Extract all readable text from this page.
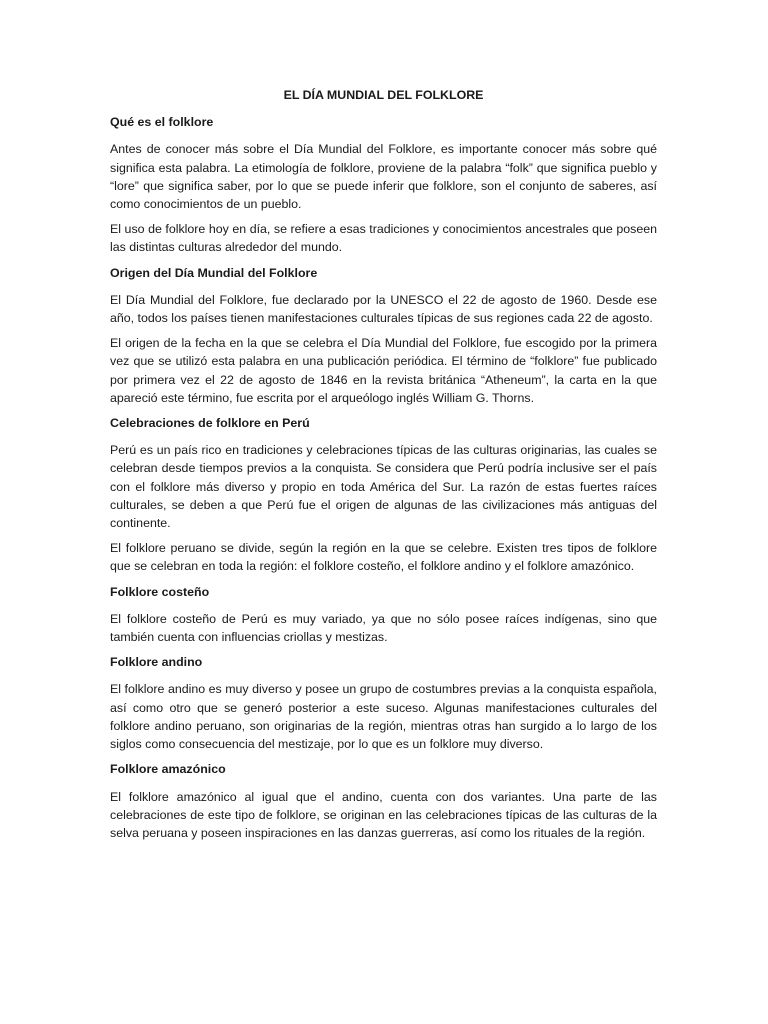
EL DÍA MUNDIAL DEL FOLKLORE
Qué es el folklore

Antes de conocer más sobre el Día Mundial del Folklore, es importante conocer más sobre qué significa esta palabra. La etimología de folklore, proviene de la palabra “folk” que significa pueblo y “lore” que significa saber, por lo que se puede inferir que folklore, son el conjunto de saberes, así como conocimientos de un pueblo.

El uso de folklore hoy en día, se refiere a esas tradiciones y conocimientos ancestrales que poseen las distintas culturas alrededor del mundo.

Origen del Día Mundial del Folklore

El Día Mundial del Folklore, fue declarado por la UNESCO el 22 de agosto de 1960. Desde ese año, todos los países tienen manifestaciones culturales típicas de sus regiones cada 22 de agosto.

El origen de la fecha en la que se celebra el Día Mundial del Folklore, fue escogido por la primera vez que se utilizó esta palabra en una publicación periódica. El término de “folklore” fue publicado por primera vez el 22 de agosto de 1846 en la revista británica “Atheneum”, la carta en la que apareció este término, fue escrita por el arqueólogo inglés William G. Thorns.

Celebraciones de folklore en Perú

Perú es un país rico en tradiciones y celebraciones típicas de las culturas originarias, las cuales se celebran desde tiempos previos a la conquista. Se considera que Perú podría inclusive ser el país con el folklore más diverso y propio en toda América del Sur. La razón de estas fuertes raíces culturales, se deben a que Perú fue el origen de algunas de las civilizaciones más antiguas del continente.

El folklore peruano se divide, según la región en la que se celebre. Existen tres tipos de folklore que se celebran en toda la región: el folklore costeño, el folklore andino y el folklore amazónico.

Folklore costeño

El folklore costeño de Perú es muy variado, ya que no sólo posee raíces indígenas, sino que también cuenta con influencias criollas y mestizas.

Folklore andino

El folklore andino es muy diverso y posee un grupo de costumbres previas a la conquista española, así como otro que se generó posterior a este suceso. Algunas manifestaciones culturales del folklore andino peruano, son originarias de la región, mientras otras han surgido a lo largo de los siglos como consecuencia del mestizaje, por lo que es un folklore muy diverso.

Folklore amazónico

El folklore amazónico al igual que el andino, cuenta con dos variantes. Una parte de las celebraciones de este tipo de folklore, se originan en las celebraciones típicas de las culturas de la selva peruana y poseen inspiraciones en las danzas guerreras, así como los rituales de la región.
